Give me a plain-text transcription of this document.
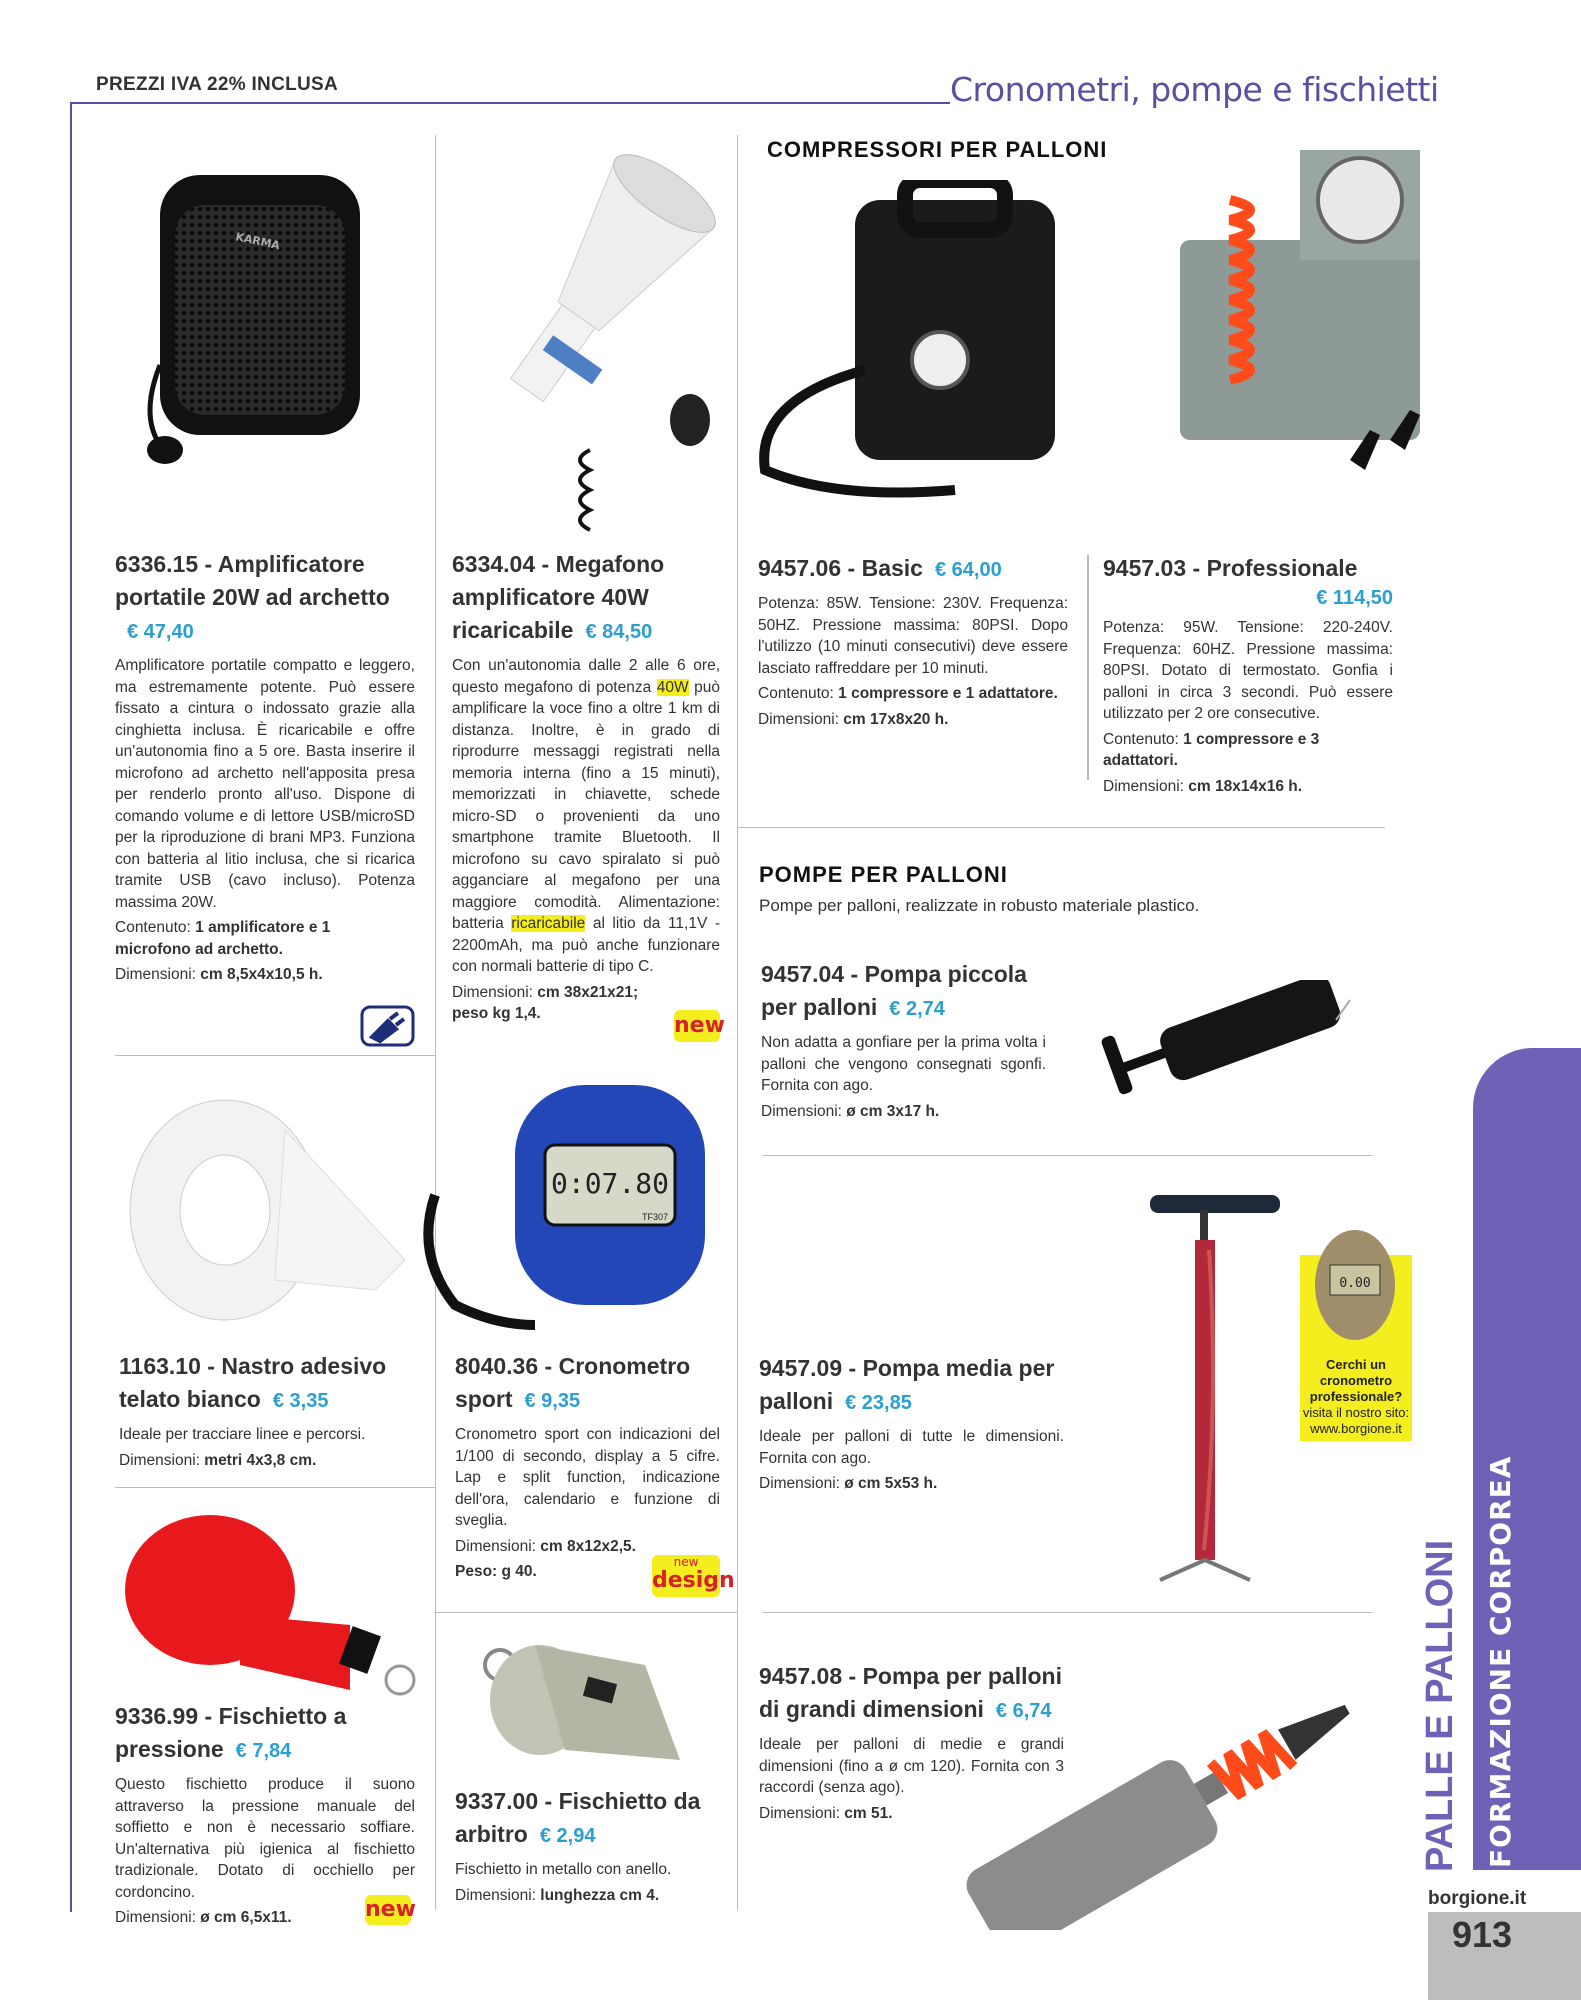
PREZZI IVA 22% INCLUSA	Cronometri, pompe e fischietti
COMPRESSORI PER PALLONI
POMPE PER PALLONI
Pompe per palloni, realizzate in robusto materiale plastico.
KARMA
0:07.80
TF307
new
new
design
new
0.00
Cerchi un cronometro professionale?
visita il nostro sito:
www.borgione.it
6336.15 - Amplificatore portatile 20W ad archetto€ 47,40
Amplificatore portatile compatto e leggero, ma estremamente potente. Può essere fissato a cintura o indossato grazie alla cinghietta inclusa. È ricaricabile e offre un'autonomia fino a 5 ore. Basta inserire il microfono ad archetto nell'apposita presa per renderlo pronto all'uso. Dispone di comando volume e di lettore USB/microSD per la riproduzione di brani MP3. Funziona con batteria al litio inclusa, che si ricarica tramite USB (cavo incluso). Potenza massima 20W.
Contenuto: 1 amplificatore e 1 microfono ad archetto.
Dimensioni: cm 8,5x4x10,5 h.
6334.04 - Megafono amplificatore 40W ricaricabile € 84,50
Con un'autonomia dalle 2 alle 6 ore, questo megafono di potenza 40W può amplificare la voce fino a oltre 1 km di distanza. Inoltre, è in grado di riprodurre messaggi registrati nella memoria interna (fino a 15 minuti), memorizzati in chiavette, schede micro-SD o provenienti da uno smartphone tramite Bluetooth. Il microfono su cavo spiralato si può agganciare al megafono per una maggiore comodità. Alimentazione: batteria ricaricabile al litio da 11,1V - 2200mAh, ma può anche funzionare con normali batterie di tipo C.
Dimensioni: cm 38x21x21; peso kg 1,4.
9457.06 - Basic € 64,00
Potenza: 85W. Tensione: 230V. Frequenza: 50HZ. Pressione massima: 80PSI. Dopo l'utilizzo (10 minuti consecutivi) deve essere lasciato raffreddare per 10 minuti.
Contenuto: 1 compressore e 1 adattatore.
Dimensioni: cm 17x8x20 h.
9457.03 - Professionale
€ 114,50
Potenza: 95W. Tensione: 220-240V. Frequenza: 60HZ. Pressione massima: 80PSI. Dotato di termostato. Gonfia i palloni in circa 3 secondi. Può essere utilizzato per 2 ore consecutive.
Contenuto: 1 compressore e 3 adattatori.
Dimensioni: cm 18x14x16 h.
9457.04 - Pompa piccola per palloni € 2,74
Non adatta a gonfiare per la prima volta i palloni che vengono consegnati sgonfi. Fornita con ago.
Dimensioni: ø cm 3x17 h.
1163.10 - Nastro adesivo telato bianco € 3,35
Ideale per tracciare linee e percorsi.
Dimensioni: metri 4x3,8 cm.
8040.36 - Cronometro sport € 9,35
Cronometro sport con indicazioni del 1/100 di secondo, display a 5 cifre. Lap e split function, indicazione dell'ora, calendario e funzione di sveglia.
Dimensioni: cm 8x12x2,5.
Peso: g 40.
9457.09 - Pompa media per palloni € 23,85
Ideale per palloni di tutte le dimensioni. Fornita con ago.
Dimensioni: ø cm 5x53 h.
9336.99 - Fischietto a pressione € 7,84
Questo fischietto produce il suono attraverso la pressione manuale del soffietto e non è necessario soffiare. Un'alternativa più igienica al fischietto tradizionale. Dotato di occhiello per cordoncino.
Dimensioni: ø cm 6,5x11.
9337.00 - Fischietto da arbitro € 2,94
Fischietto in metallo con anello.
Dimensioni: lunghezza cm 4.
9457.08 - Pompa per palloni di grandi dimensioni € 6,74
Ideale per palloni di medie e grandi dimensioni (fino a ø cm 120). Fornita con 3 raccordi (senza ago).
Dimensioni: cm 51.	PALLE E PALLONI FORMAZIONE CORPOREA
borgione.it
913
